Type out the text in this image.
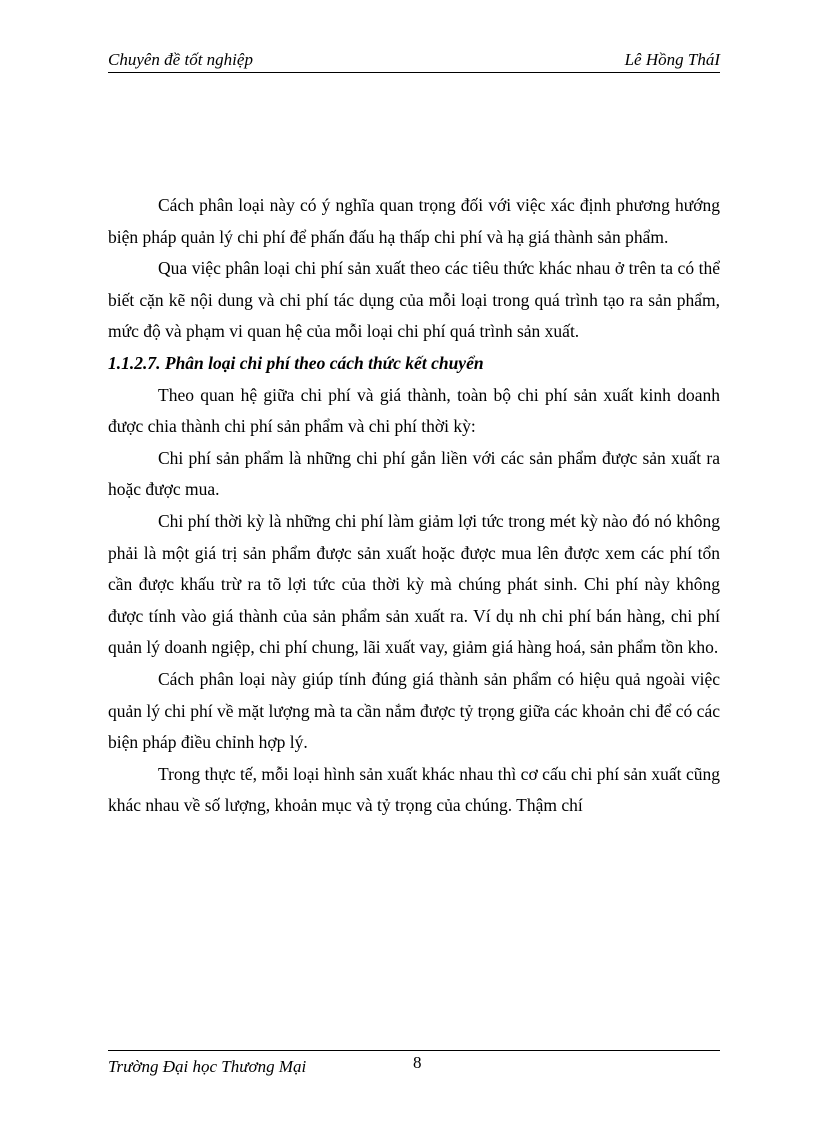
Chuyên đề tốt nghiệp	Lê Hồng TháI

Cách phân loại này có ý nghĩa quan trọng đối với việc xác định phương hướng biện pháp quản lý chi phí để phấn đấu hạ thấp chi phí và hạ giá thành sản phẩm.

Qua việc phân loại chi phí sản xuất theo các tiêu thức khác nhau ở trên ta có thể biết cặn kẽ nội dung và chi phí tác dụng của mỗi loại trong quá trình tạo ra sản phẩm, mức độ và phạm vi quan hệ của mỗi loại chi phí quá trình sản xuất.

1.1.2.7. Phân loại chi phí theo cách thức kết chuyển

Theo quan hệ giữa chi phí và giá thành, toàn bộ chi phí sản xuất kinh doanh được chia thành chi phí sản phẩm và chi phí thời kỳ:

Chi phí sản phẩm là những chi phí gắn liền với các sản phẩm được sản xuất ra hoặc được mua.

Chi phí thời kỳ là những chi phí làm giảm lợi tức trong mét kỳ nào đó nó không phải là một giá trị sản phẩm được sản xuất hoặc được mua lên được xem các phí tổn cần được khấu trừ ra tõ lợi tức của thời kỳ mà chúng phát sinh. Chi phí này không được tính vào giá thành của sản phẩm sản xuất ra. Ví dụ nh chi phí bán hàng, chi phí quản lý doanh ngiệp, chi phí chung, lãi xuất vay, giảm giá hàng hoá, sản phẩm tồn kho.

Cách phân loại này giúp tính đúng giá thành sản phẩm có hiệu quả ngoài việc quản lý chi phí về mặt lượng mà ta cần nắm được tỷ trọng giữa các khoản chi để có các biện pháp điều chỉnh hợp lý.

Trong thực tế, mỗi loại hình sản xuất khác nhau thì cơ cấu chi phí sản xuất cũng khác nhau về số lượng, khoản mục và tỷ trọng của chúng. Thậm chí

Trường Đại học Thương Mại	8
